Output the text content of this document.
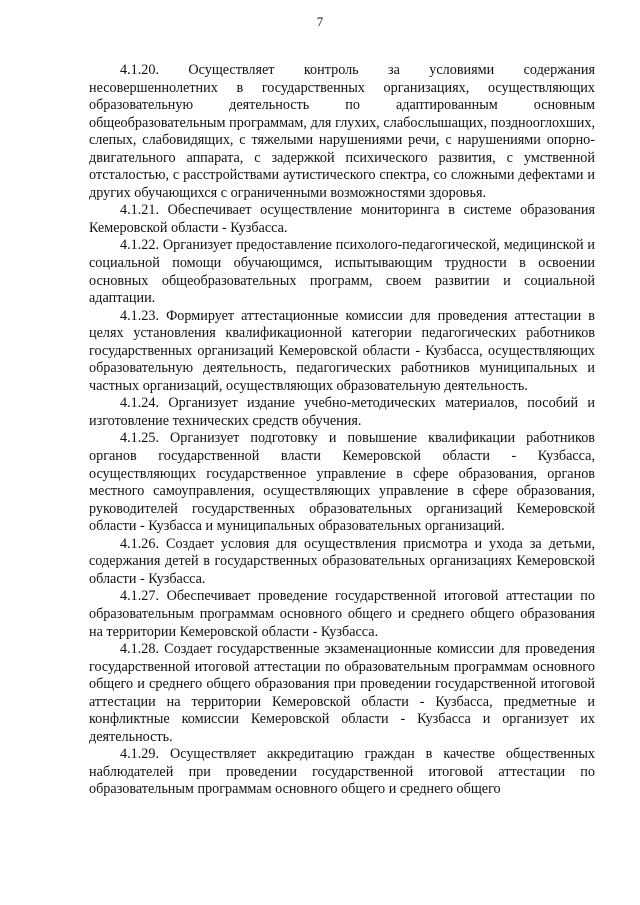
7

4.1.20. Осуществляет контроль за условиями содержания несовершеннолетних в государственных организациях, осуществляющих образовательную деятельность по адаптированным основным общеобразовательным программам, для глухих, слабослышащих, позднооглохших, слепых, слабовидящих, с тяжелыми нарушениями речи, с нарушениями опорно-двигательного аппарата, с задержкой психического развития, с умственной отсталостью, с расстройствами аутистического спектра, со сложными дефектами и других обучающихся с ограниченными возможностями здоровья.

4.1.21. Обеспечивает осуществление мониторинга в системе образования Кемеровской области - Кузбасса.

4.1.22. Организует предоставление психолого-педагогической, медицинской и социальной помощи обучающимся, испытывающим трудности в освоении основных общеобразовательных программ, своем развитии и социальной адаптации.

4.1.23. Формирует аттестационные комиссии для проведения аттестации в целях установления квалификационной категории педагогических работников государственных организаций Кемеровской области - Кузбасса, осуществляющих образовательную деятельность, педагогических работников муниципальных и частных организаций, осуществляющих образовательную деятельность.

4.1.24. Организует издание учебно-методических материалов, пособий и изготовление технических средств обучения.

4.1.25. Организует подготовку и повышение квалификации работников органов государственной власти Кемеровской области - Кузбасса, осуществляющих государственное управление в сфере образования, органов местного самоуправления, осуществляющих управление в сфере образования, руководителей государственных образовательных организаций Кемеровской области - Кузбасса и муниципальных образовательных организаций.

4.1.26. Создает условия для осуществления присмотра и ухода за детьми, содержания детей в государственных образовательных организациях Кемеровской области - Кузбасса.

4.1.27. Обеспечивает проведение государственной итоговой аттестации по образовательным программам основного общего и среднего общего образования на территории Кемеровской области - Кузбасса.

4.1.28. Создает государственные экзаменационные комиссии для проведения государственной итоговой аттестации по образовательным программам основного общего и среднего общего образования при проведении государственной итоговой аттестации на территории Кемеровской области - Кузбасса, предметные и конфликтные комиссии Кемеровской области - Кузбасса и организует их деятельность.

4.1.29. Осуществляет аккредитацию граждан в качестве общественных наблюдателей при проведении государственной итоговой аттестации по образовательным программам основного общего и среднего общего
